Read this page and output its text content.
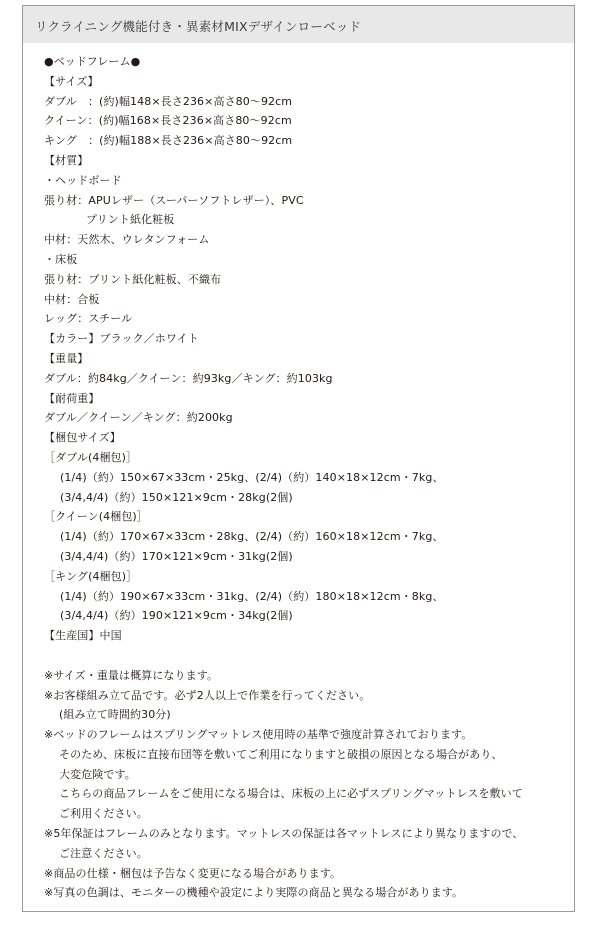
リクライニング機能付き・異素材MIXデザインローベッド
●ベッドフレーム●
【サイズ】
ダブル　：(約)幅148×長さ236×高さ80～92cm
クイーン：(約)幅168×長さ236×高さ80～92cm
キング　：(約)幅188×長さ236×高さ80～92cm
【材質】
・ヘッドボード
張り材：APUレザー（スーパーソフトレザー）、PVC
プリント紙化粧板
中材：天然木、ウレタンフォーム
・床板
張り材：プリント紙化粧板、不織布
中材：合板
レッグ：スチール
【カラー】ブラック／ホワイト
【重量】
ダブル：約84kg／クイーン：約93kg／キング：約103kg
【耐荷重】
ダブル／クイーン／キング：約200kg
【梱包サイズ】
［ダブル(4梱包)］
(1/4)（約）150×67×33cm・25kg、(2/4)（約）140×18×12cm・7kg、
(3/4,4/4)（約）150×121×9cm・28kg(2個)
［クイーン(4梱包)］
(1/4)（約）170×67×33cm・28kg、(2/4)（約）160×18×12cm・7kg、
(3/4,4/4)（約）170×121×9cm・31kg(2個)
［キング(4梱包)］
(1/4)（約）190×67×33cm・31kg、(2/4)（約）180×18×12cm・8kg、
(3/4,4/4)（約）190×121×9cm・34kg(2個)
【生産国】中国
※サイズ・重量は概算になります。
※お客様組み立て品です。必ず2人以上で作業を行ってください。
(組み立て時間約30分)
※ベッドのフレームはスプリングマットレス使用時の基準で強度計算されております。
そのため、床板に直接布団等を敷いてご利用になりますと破損の原因となる場合があり、
大変危険です。
こちらの商品フレームをご使用になる場合は、床板の上に必ずスプリングマットレスを敷いて
ご利用ください。
※5年保証はフレームのみとなります。マットレスの保証は各マットレスにより異なりますので、
ご注意ください。
※商品の仕様・梱包は予告なく変更になる場合があります。
※写真の色調は、モニターの機種や設定により実際の商品と異なる場合があります。
